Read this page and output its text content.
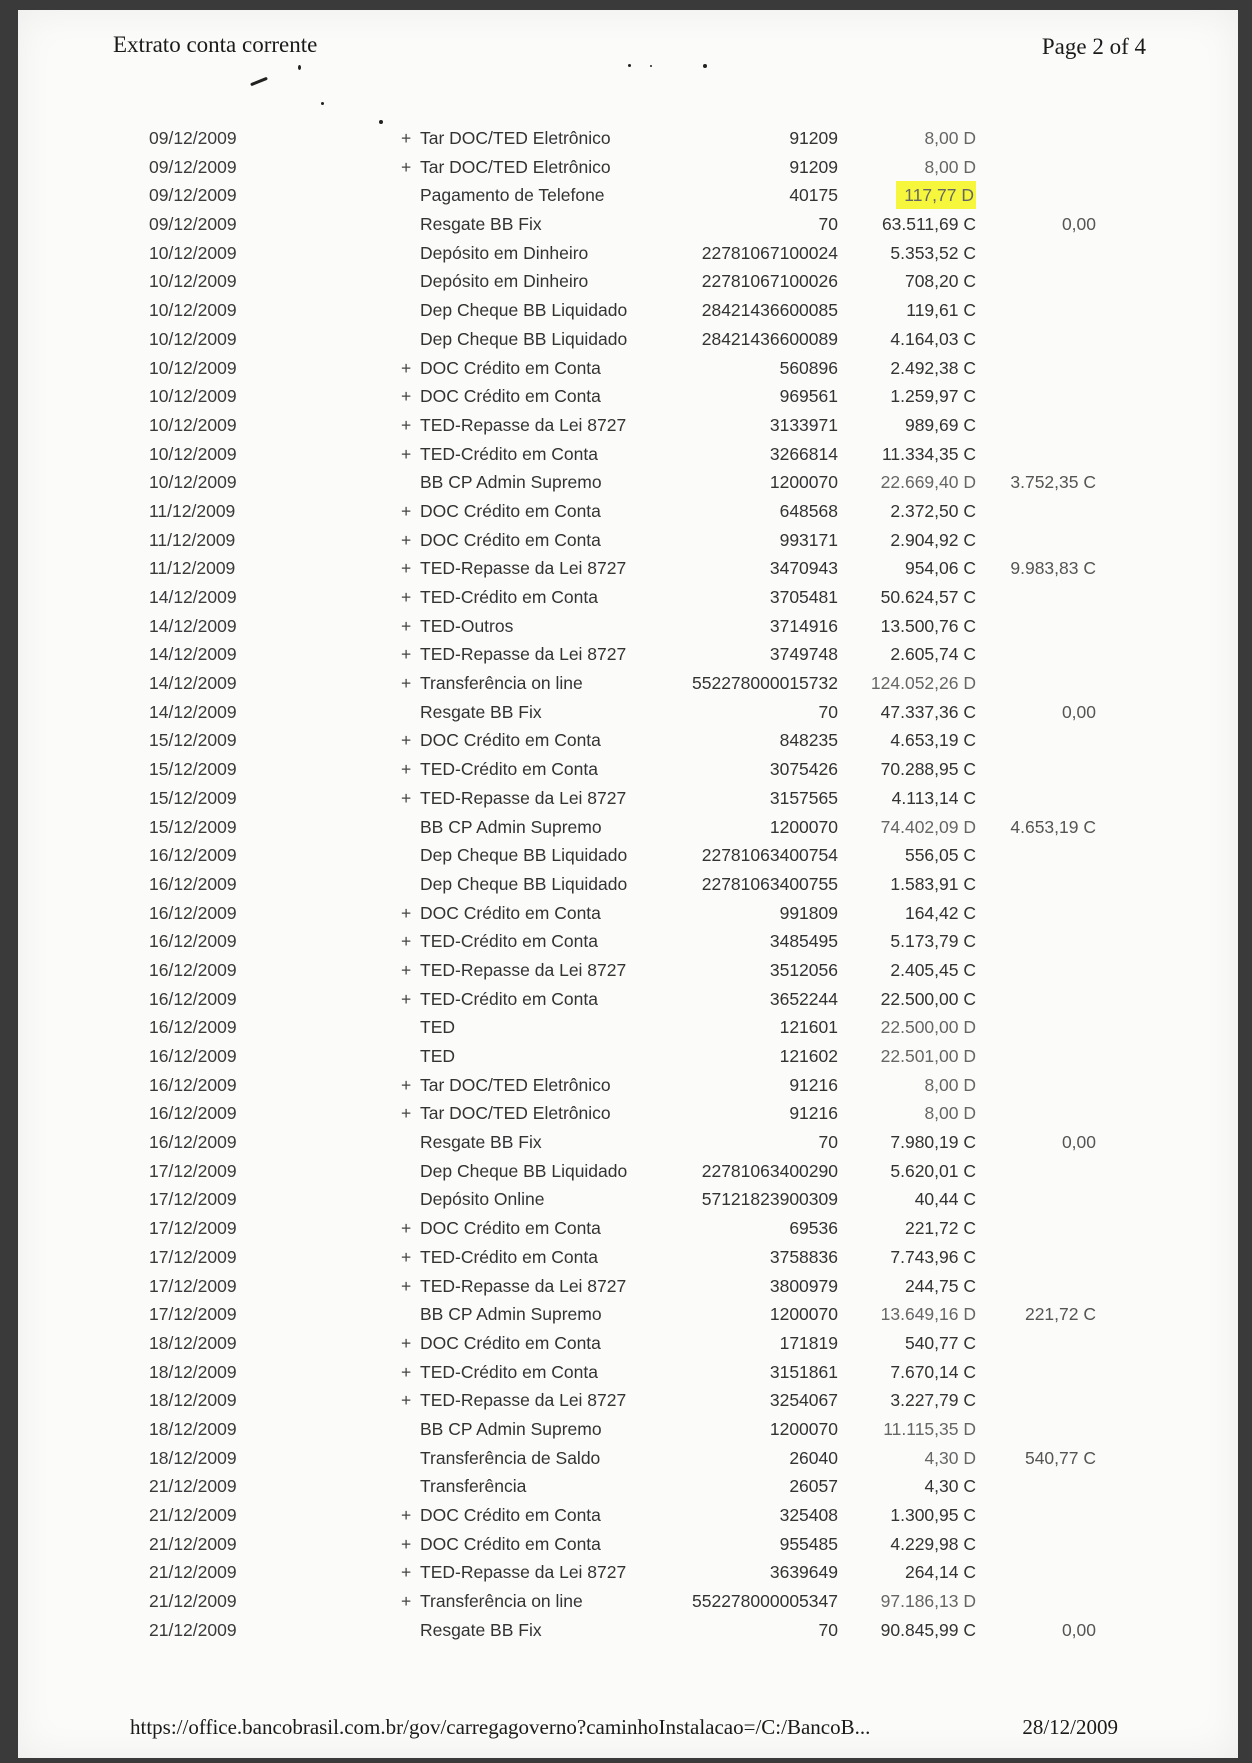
Extrato conta corrente	Page 2 of 4
09/12/2009	+ Tar DOC/TED Eletrônico	91209	8,00 D
09/12/2009	+ Tar DOC/TED Eletrônico	91209	8,00 D
09/12/2009	Pagamento de Telefone	40175	117,77 D
09/12/2009	Resgate BB Fix	70	63.511,69 C	0,00
10/12/2009	Depósito em Dinheiro	22781067100024	5.353,52 C
10/12/2009	Depósito em Dinheiro	22781067100026	708,20 C
10/12/2009	Dep Cheque BB Liquidado	28421436600085	119,61 C
10/12/2009	Dep Cheque BB Liquidado	28421436600089	4.164,03 C
10/12/2009	+ DOC Crédito em Conta	560896	2.492,38 C
10/12/2009	+ DOC Crédito em Conta	969561	1.259,97 C
10/12/2009	+ TED-Repasse da Lei 8727	3133971	989,69 C
10/12/2009	+ TED-Crédito em Conta	3266814	11.334,35 C
10/12/2009	BB CP Admin Supremo	1200070 22.669,40 D 3.752,35 C
11/12/2009	+ DOC Crédito em Conta	648568	2.372,50 C
11/12/2009	+ DOC Crédito em Conta	993171	2.904,92 C
11/12/2009	+ TED-Repasse da Lei 8727	3470943	954,06 C 9.983,83 C
14/12/2009	+ TED-Crédito em Conta	3705481 50.624,57 C
14/12/2009	+ TED-Outros	3714916 13.500,76 C
14/12/2009	+ TED-Repasse da Lei 8727	3749748	2.605,74 C
14/12/2009	+ Transferência on line	552278000015732 124.052,26 D
14/12/2009	Resgate BB Fix	70 47.337,36 C	0,00
15/12/2009	+ DOC Crédito em Conta	848235	4.653,19 C
15/12/2009	+ TED-Crédito em Conta	3075426 70.288,95 C
15/12/2009	+ TED-Repasse da Lei 8727	3157565	4.113,14 C
15/12/2009	BB CP Admin Supremo	1200070 74.402,09 D 4.653,19 C
16/12/2009	Dep Cheque BB Liquidado	22781063400754	556,05 C
16/12/2009	Dep Cheque BB Liquidado	22781063400755	1.583,91 C
16/12/2009	+ DOC Crédito em Conta	991809	164,42 C
16/12/2009	+ TED-Crédito em Conta	3485495	5.173,79 C
16/12/2009	+ TED-Repasse da Lei 8727	3512056	2.405,45 C
16/12/2009	+ TED-Crédito em Conta	3652244 22.500,00 C
16/12/2009	TED	121601 22.500,00 D
16/12/2009	TED	121602 22.501,00 D
16/12/2009	+ Tar DOC/TED Eletrônico	91216	8,00 D
16/12/2009	+ Tar DOC/TED Eletrônico	91216	8,00 D
16/12/2009	Resgate BB Fix	70	7.980,19 C	0,00
17/12/2009	Dep Cheque BB Liquidado	22781063400290	5.620,01 C
17/12/2009	Depósito Online	57121823900309	40,44 C
17/12/2009	+ DOC Crédito em Conta	69536	221,72 C
17/12/2009	+ TED-Crédito em Conta	3758836	7.743,96 C
17/12/2009	+ TED-Repasse da Lei 8727	3800979	244,75 C
17/12/2009	BB CP Admin Supremo	1200070 13.649,16 D	221,72 C
18/12/2009	+ DOC Crédito em Conta	171819	540,77 C
18/12/2009	+ TED-Crédito em Conta	3151861	7.670,14 C
18/12/2009	+ TED-Repasse da Lei 8727	3254067	3.227,79 C
18/12/2009	BB CP Admin Supremo	1200070	11.115,35 D
18/12/2009	Transferência de Saldo	26040	4,30 D	540,77 C
21/12/2009	Transferência	26057	4,30 C
21/12/2009	+ DOC Crédito em Conta	325408	1.300,95 C
21/12/2009	+ DOC Crédito em Conta	955485	4.229,98 C
21/12/2009	+ TED-Repasse da Lei 8727	3639649	264,14 C
21/12/2009	+ Transferência on line	552278000005347 97.186,13 D
21/12/2009	Resgate BB Fix	70 90.845,99 C	0,00
https://office.bancobrasil.com.br/gov/carregagoverno?caminhoInstalacao=/C:/BancoB...	28/12/2009
